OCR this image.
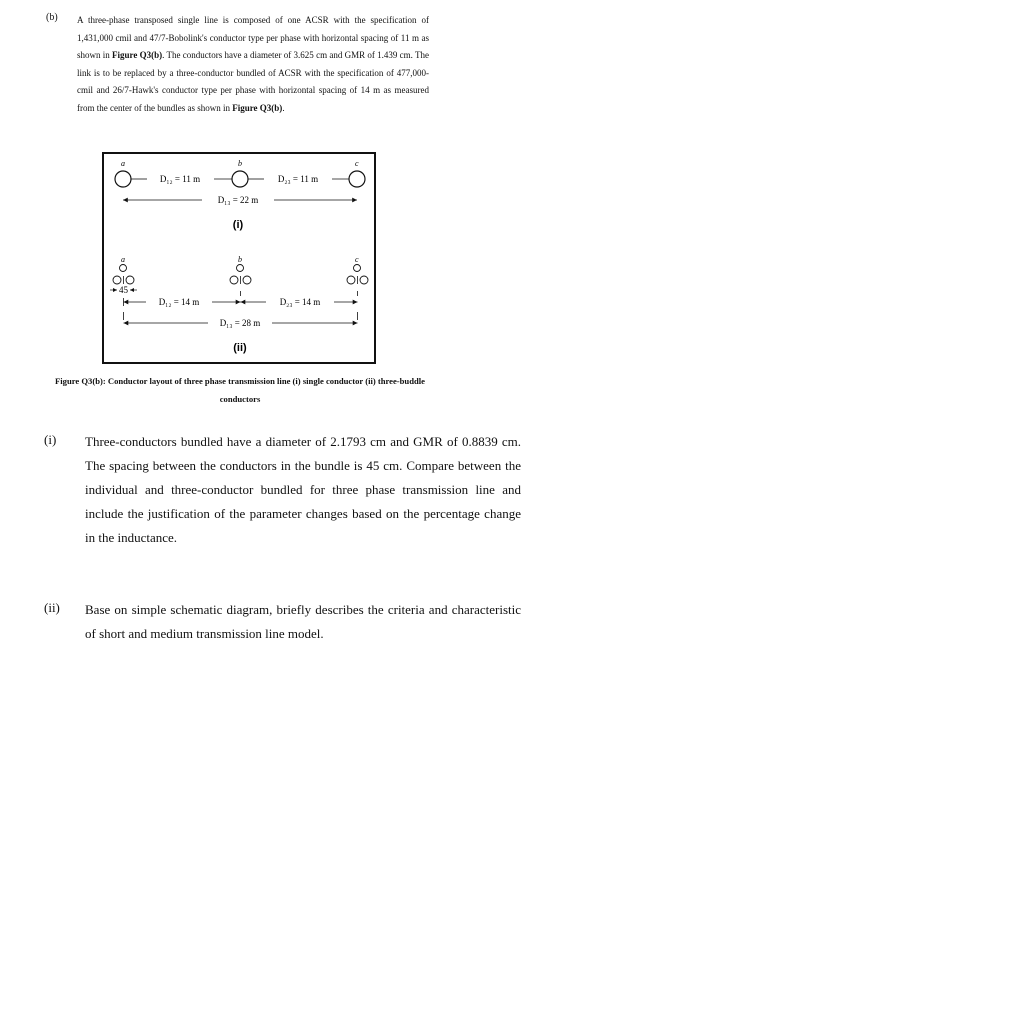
(b) A three-phase transposed single line is composed of one ACSR with the specification of 1,431,000 cmil and 47/7-Bobolink's conductor type per phase with horizontal spacing of 11 m as shown in Figure Q3(b). The conductors have a diameter of 3.625 cm and GMR of 1.439 cm. The link is to be replaced by a three-conductor bundled of ACSR with the specification of 477,000-cmil and 26/7-Hawk's conductor type per phase with horizontal spacing of 14 m as measured from the center of the bundles as shown in Figure Q3(b).
a	b	c
D₁₂ = 11 m	D₂₃ = 11 m
D₁₃ = 22 m
(i)
a	b	c
45
D₁₂ = 14 m	D₂₃ = 14 m
D₁₃ = 28 m
(ii)
Figure Q3(b): Conductor layout of three phase transmission line (i) single conductor (ii) three-buddle conductors
(i) Three-conductors bundled have a diameter of 2.1793 cm and GMR of 0.8839 cm. The spacing between the conductors in the bundle is 45 cm. Compare between the individual and three-conductor bundled for three phase transmission line and include the justification of the parameter changes based on the percentage change in the inductance.
(ii) Base on simple schematic diagram, briefly describes the criteria and characteristic of short and medium transmission line model.
